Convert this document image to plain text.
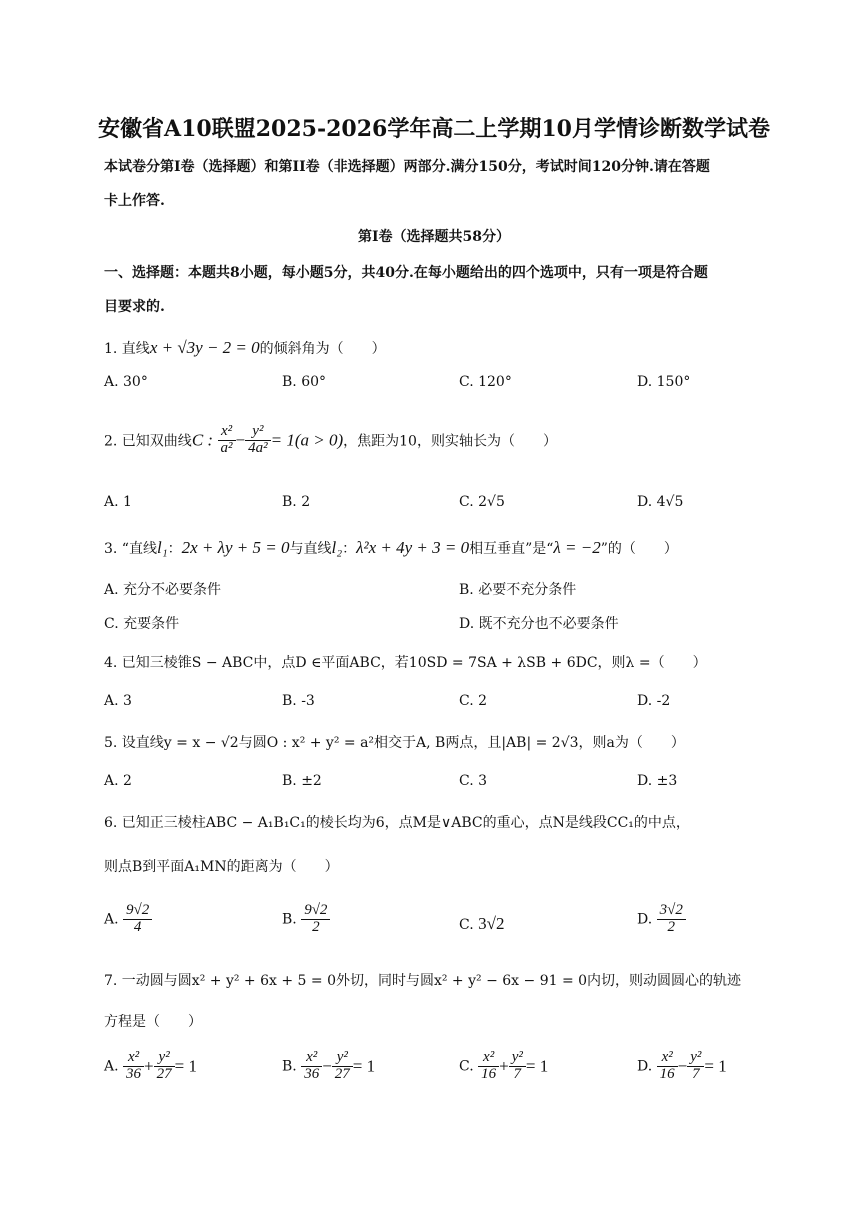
安徽省A10联盟2025-2026学年高二上学期10月学情诊断数学试卷
本试卷分第I卷（选择题）和第II卷（非选择题）两部分.满分150分，考试时间120分钟.请在答题
卡上作答.
第I卷（选择题共58分）
一、选择题：本题共8小题，每小题5分，共40分.在每小题给出的四个选项中，只有一项是符合题
目要求的.
1. 直线x + √3y − 2 = 0的倾斜角为（　　）
A. 30°	B. 60°	C. 120°	D. 150°
2. 已知双曲线C : $\frac{\text{x²}}{\text{a²}} - \frac{\text{y²}}{\text{4a²}} = 1(a > 0)$，焦距为10，则实轴长为（　　）
A. 1	B. 2	C. 2√5	D. 4√5
3. “直线l₁：2x + λy + 5 = 0与直线l₂：λ²x + 4y + 3 = 0相互垂直”是“λ = −2”的（　　）
A. 充分不必要条件	B. 必要不充分条件
C. 充要条件	D. 既不充分也不必要条件
4. 已知三棱锥S − ABC中，点D ∈平面ABC，若10SD = 7SA + λSB + 6DC，则λ =（　　）
A. 3	B. -3	C. 2	D. -2
5. 设直线y = x − √2与圆O : x² + y² = a²相交于A, B两点，且|AB| = 2√3，则a为（　　）
A. 2	B. ±2	C. 3	D. ±3
6. 已知正三棱柱ABC − A₁B₁C₁的棱长均为6，点M是∨ABC的重心，点N是线段CC₁的中点，
则点B到平面A₁MN的距离为（　　）
A. $\frac{9√2}{4}$	B. $\frac{9√2}{2}$	C. 3√2	D. $\frac{3√2}{2}$
7. 一动圆与圆x² + y² + 6x + 5 = 0外切，同时与圆x² + y² − 6x − 91 = 0内切，则动圆圆心的轨迹
方程是（　　）
A. $\frac{\text{x²}}{36} + \frac{\text{y²}}{27} = 1$	B. $\frac{\text{x²}}{36} - \frac{\text{y²}}{27} = 1$	C. $\frac{\text{x²}}{16} + \frac{\text{y²}}{7} = 1$	D. $\frac{\text{x²}}{16} - \frac{\text{y²}}{7} = 1$
